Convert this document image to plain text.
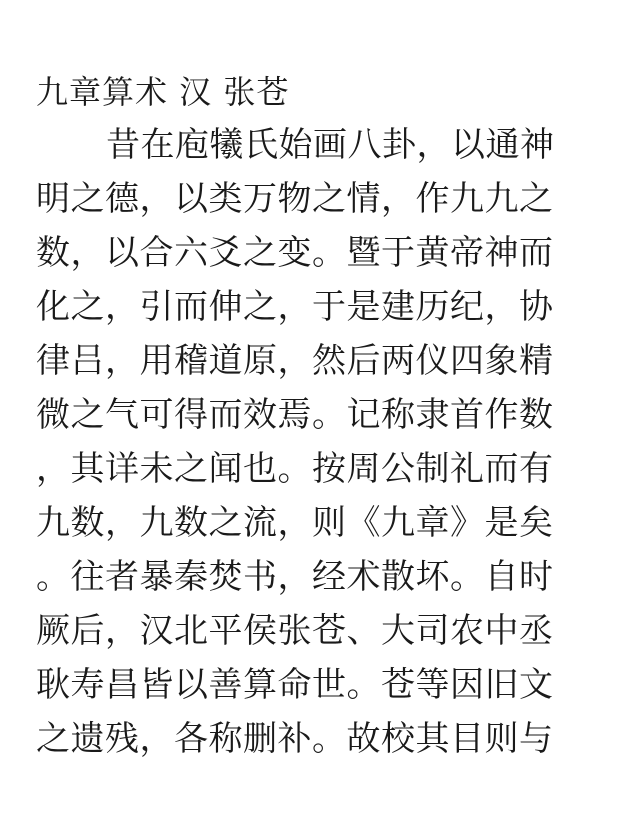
九章算术 汉 张苍
昔在庖犧氏始画八卦，以通神
明之德，以类万物之情，作九九之
数，以合六爻之变。暨于黄帝神而
化之，引而伸之，于是建历纪，协
律吕，用稽道原，然后两仪四象精
微之气可得而效焉。记称隶首作数
，其详未之闻也。按周公制礼而有
九数，九数之流，则《九章》是矣
。往者暴秦焚书，经术散坏。自时
厥后，汉北平侯张苍、大司农中丞
耿寿昌皆以善算命世。苍等因旧文
之遗残，各称删补。故校其目则与
